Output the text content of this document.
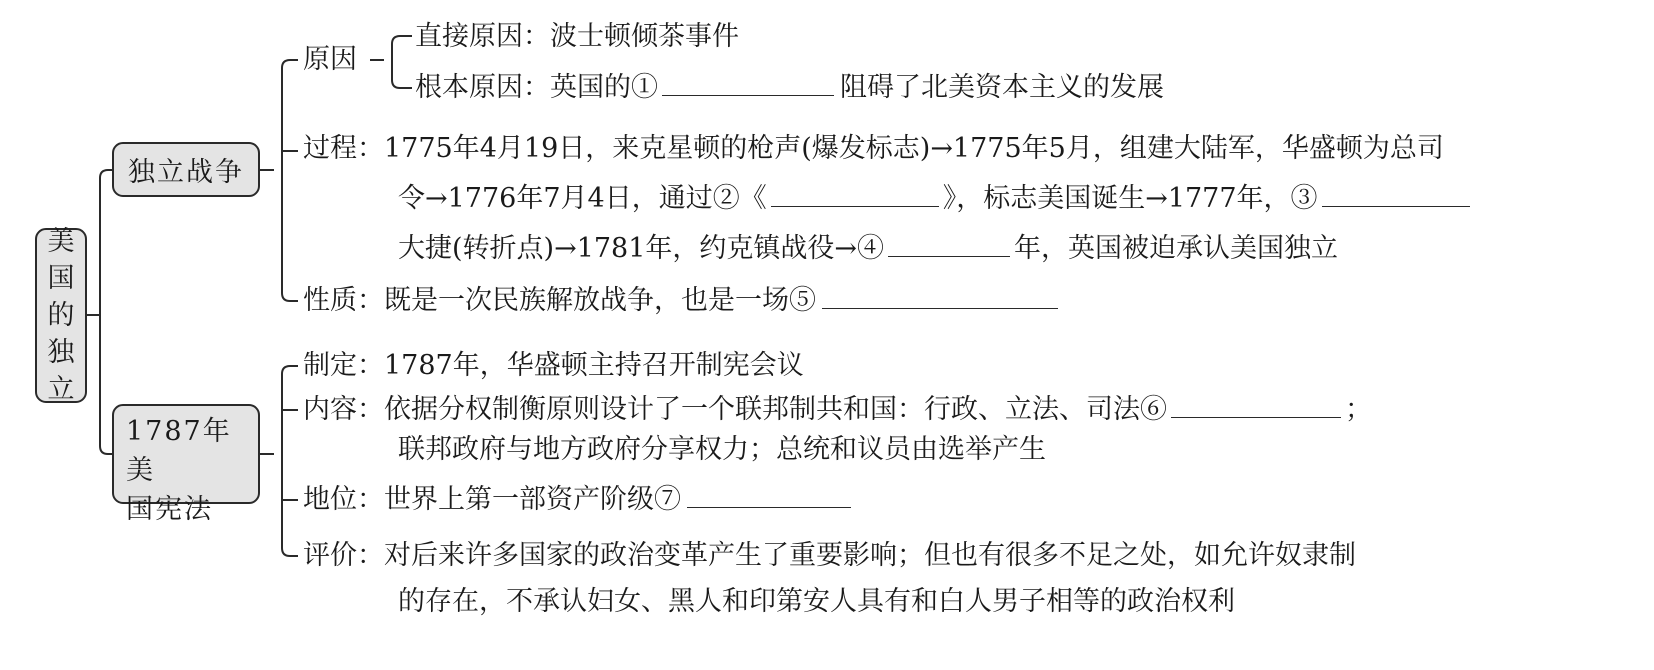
美
国
的
独
立
独立战争
原因
直接原因：波士顿倾茶事件
根本原因：英国的①	阻碍了北美资本主义的发展
过程：1775年4月19日，来克星顿的枪声(爆发标志)→1775年5月，组建大陆军，华盛顿为总司
令→1776年7月4日，通过②《	》，标志美国诞生→1777年，③
大捷(转折点)→1781年，约克镇战役→④	年，英国被迫承认美国独立
性质：既是一次民族解放战争，也是一场⑤
1787年美
国宪法
制定：1787年，华盛顿主持召开制宪会议
内容：依据分权制衡原则设计了一个联邦制共和国：行政、立法、司法⑥	；
联邦政府与地方政府分享权力；总统和议员由选举产生
地位：世界上第一部资产阶级⑦
评价：对后来许多国家的政治变革产生了重要影响；但也有很多不足之处，如允许奴隶制
的存在，不承认妇女、黑人和印第安人具有和白人男子相等的政治权利
